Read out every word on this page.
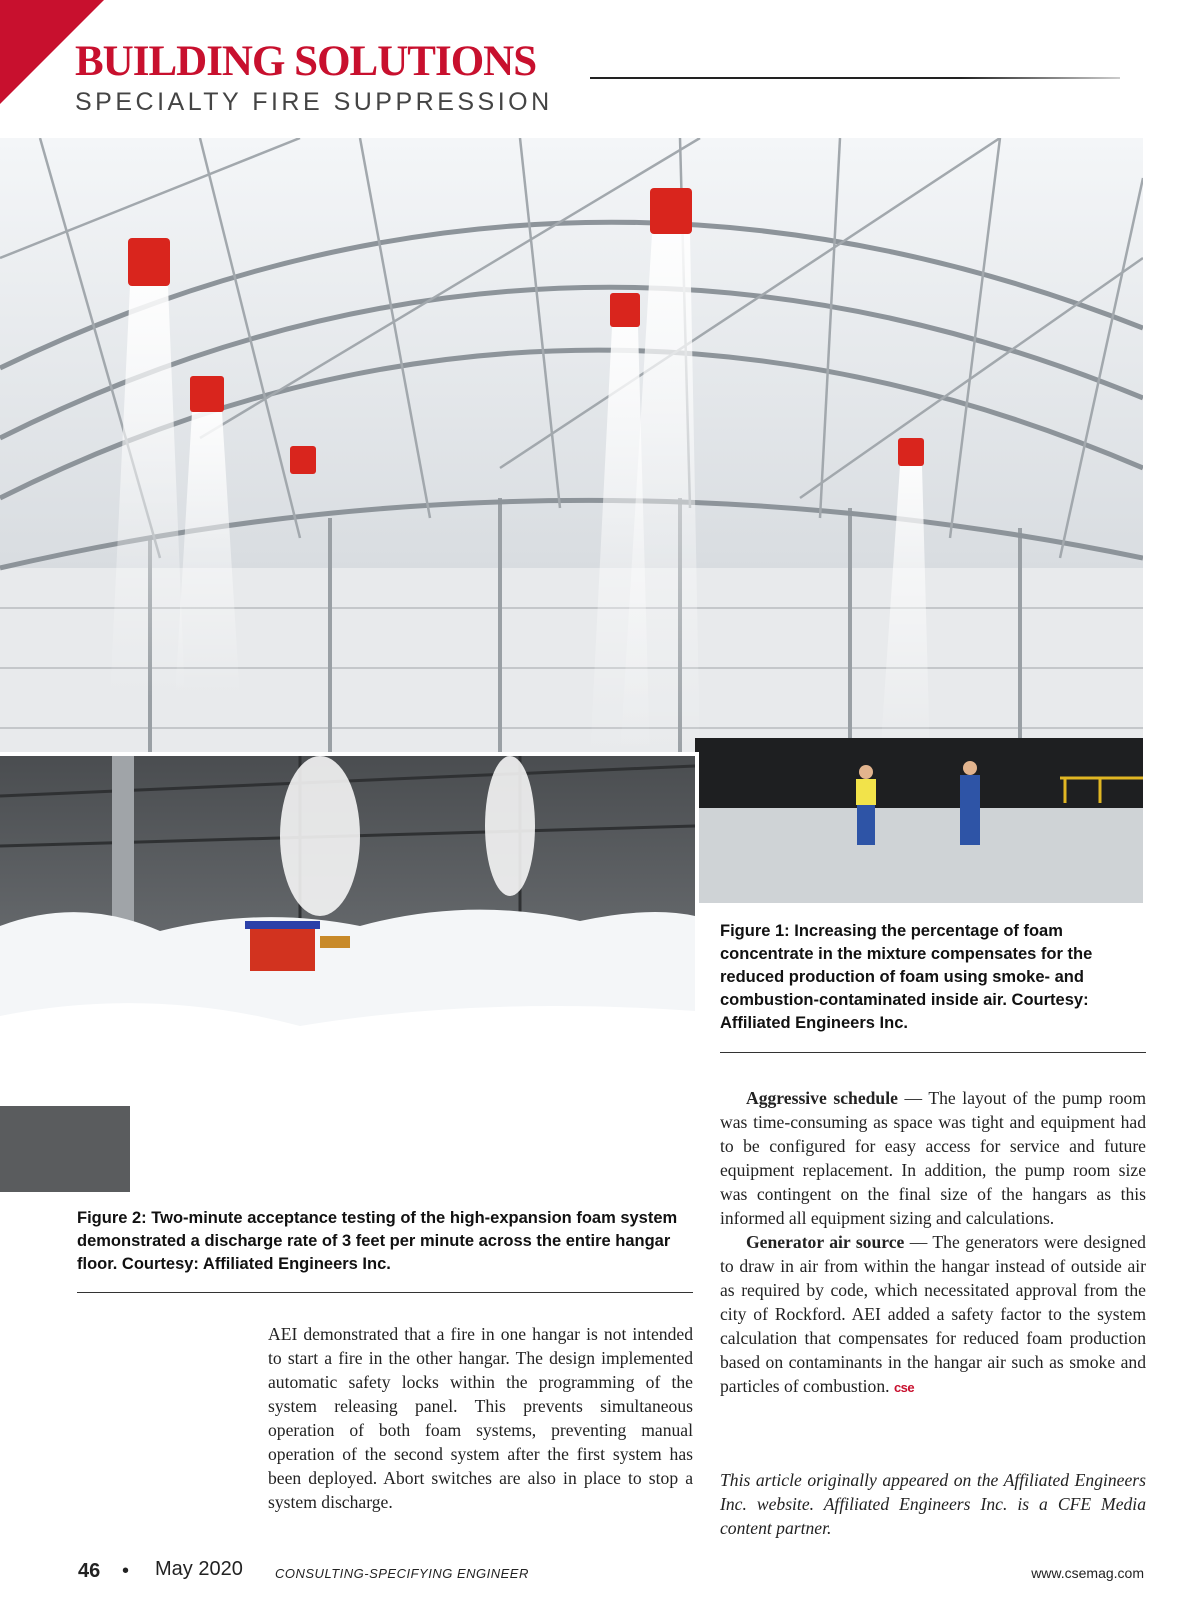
BUILDING SOLUTIONS
SPECIALTY FIRE SUPPRESSION
Figure 1: Increasing the percentage of foam concentrate in the mixture compensates for the reduced production of foam using smoke- and combustion-contaminated inside air. Courtesy: Affiliated Engineers Inc.
Figure 2: Two-minute acceptance testing of the high-expansion foam system demonstrated a discharge rate of 3 feet per minute across the entire hangar floor. Courtesy: Affiliated Engineers Inc.

AEI demonstrated that a fire in one hangar is not intended to start a fire in the other hangar. The design implemented automatic safety locks within the programming of the system releasing panel. This prevents simultaneous operation of both foam systems, preventing manual operation of the second system after the first system has been deployed. Abort switches are also in place to stop a system discharge.

Aggressive schedule — The layout of the pump room was time-consuming as space was tight and equipment had to be configured for easy access for service and future equipment replacement. In addition, the pump room size was contingent on the final size of the hangars as this informed all equipment sizing and calculations.

Generator air source — The generators were designed to draw in air from within the hangar instead of outside air as required by code, which necessitated approval from the city of Rockford. AEI added a safety factor to the system calculation that compensates for reduced foam production based on contaminants in the hangar air such as smoke and particles of combustion. cse

This article originally appeared on the Affiliated Engineers Inc. website. Affiliated Engineers Inc. is a CFE Media content partner.
46 • May 2020 CONSULTING-SPECIFYING ENGINEER	www.csemag.com
